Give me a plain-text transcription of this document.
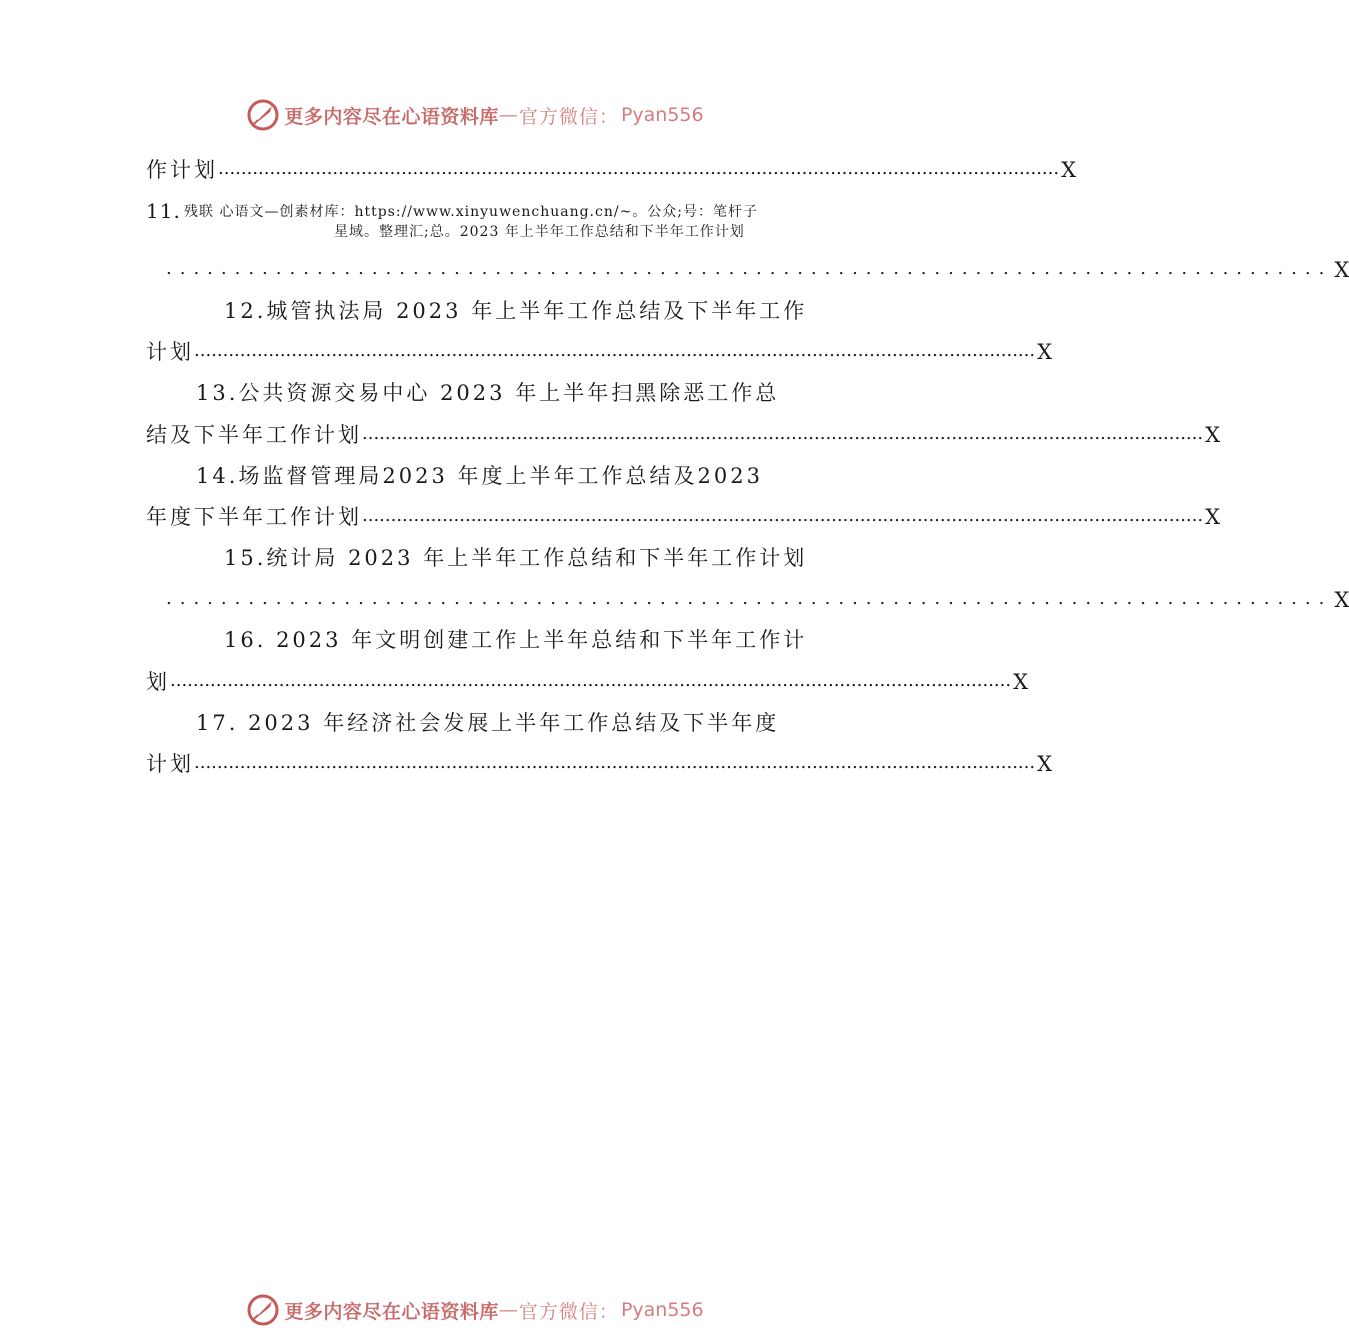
更多内容尽在心语资料库 — 官方微信： Pyan556
作计划 ................................................................................................................................................... X
11. 残联 心语文—创素材库：https://www.xinyuwenchuang.cn/~。公众;号：笔杆子
星域。整理汇;总。2023 年上半年工作总结和下半年工作计划
..................................................................................... X
12.城管执法局 2023 年上半年工作总结及下半年工作
计划 ................................................................................................................................................... X
13.公共资源交易中心 2023 年上半年扫黑除恶工作总
结及下半年工作计划 ................................................................................................................................................... X
14.场监督管理局2023 年度上半年工作总结及2023
年度下半年工作计划 ................................................................................................................................................... X
15.统计局 2023 年上半年工作总结和下半年工作计划
..................................................................................... X
16. 2023 年文明创建工作上半年总结和下半年工作计
划 ................................................................................................................................................... X
17. 2023 年经济社会发展上半年工作总结及下半年度
计划 ................................................................................................................................................... X
更多内容尽在心语资料库 — 官方微信： Pyan556
